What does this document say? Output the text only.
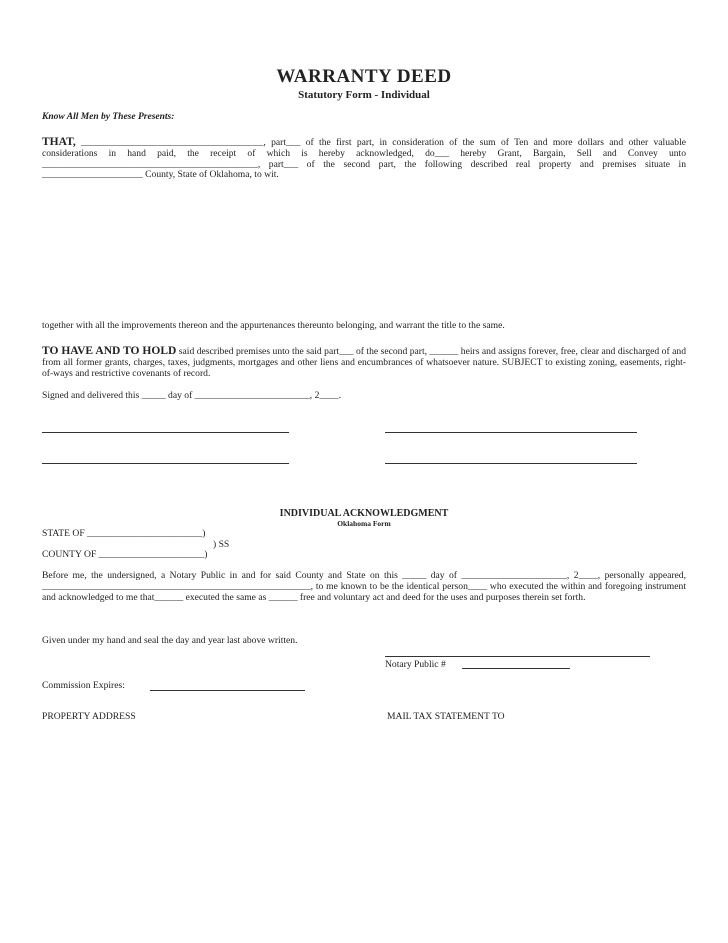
WARRANTY DEED
Statutory Form - Individual
Know All Men by These Presents:
THAT, ______________________________________, part___ of the first part, in consideration of the sum of Ten and more dollars and other valuable considerations in hand paid, the receipt of which is hereby acknowledged, do___ hereby Grant, Bargain, Sell and Convey unto _____________________________________________, part___ of the second part, the following described real property and premises situate in _____________________ County, State of Oklahoma, to wit.
together with all the improvements thereon and the appurtenances thereunto belonging, and warrant the title to the same.
TO HAVE AND TO HOLD said described premises unto the said part___ of the second part, ______ heirs and assigns forever, free, clear and discharged of and from all former grants, charges, taxes, judgments, mortgages and other liens and encumbrances of whatsoever nature. SUBJECT to existing zoning, easements, right-of-ways and restrictive covenants of record.
Signed and delivered this _____ day of ________________________, 2____.
INDIVIDUAL ACKNOWLEDGMENT
Oklahoma Form
STATE OF ________________________)
) SS
COUNTY OF ______________________)
Before me, the undersigned, a Notary Public in and for said County and State on this _____ day of ______________________, 2____, personally appeared, ________________________________________________________, to me known to be the identical person____ who executed the within and foregoing instrument and acknowledged to me that______ executed the same as ______ free and voluntary act and deed for the uses and purposes therein set forth.
Given under my hand and seal the day and year last above written.
Notary Public #
Commission Expires:
PROPERTY ADDRESS	MAIL TAX STATEMENT TO
